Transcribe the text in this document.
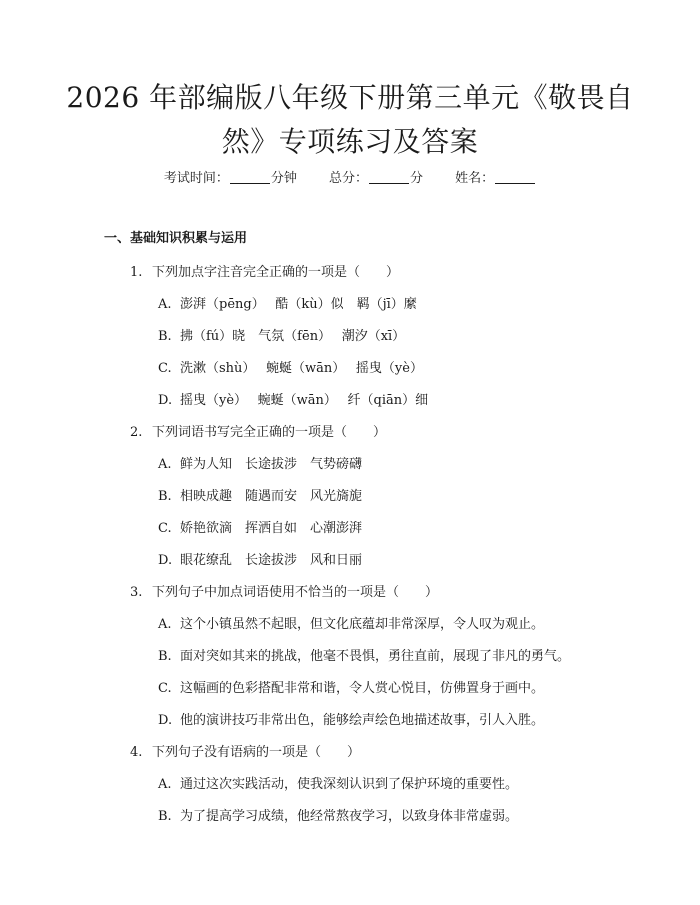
2026 年部编版八年级下册第三单元《敬畏自
然》专项练习及答案
考试时间：	分钟 总分：	分 姓名：
一、基础知识积累与运用
1. 下列加点字注音完全正确的一项是（　　）
A. 澎湃（pēng）　 酷（kù）似　羁（jī）縻
B. 拂（fú）晓　气氛（fēn）　 潮汐（xī）
C. 洗漱（shù）　 蜿蜒（wān）　 摇曳（yè）
D. 摇曳（yè）　 蜿蜒（wān）　 纤（qiān）细
2. 下列词语书写完全正确的一项是（　　）
A. 鲜为人知　长途拔涉　气势磅礴
B. 相映成趣　随遇而安　风光旖旎
C. 娇艳欲滴　挥洒自如　心潮澎湃
D. 眼花缭乱　长途拔涉　风和日丽
3. 下列句子中加点词语使用不恰当的一项是（　　）
A. 这个小镇虽然不起眼，但文化底蕴却非常深厚，令人叹为观止。
B. 面对突如其来的挑战，他毫不畏惧，勇往直前，展现了非凡的勇气。
C. 这幅画的色彩搭配非常和谐，令人赏心悦目，仿佛置身于画中。
D. 他的演讲技巧非常出色，能够绘声绘色地描述故事，引人入胜。
4. 下列句子没有语病的一项是（　　）
A. 通过这次实践活动，使我深刻认识到了保护环境的重要性。
B. 为了提高学习成绩，他经常熬夜学习，以致身体非常虚弱。
